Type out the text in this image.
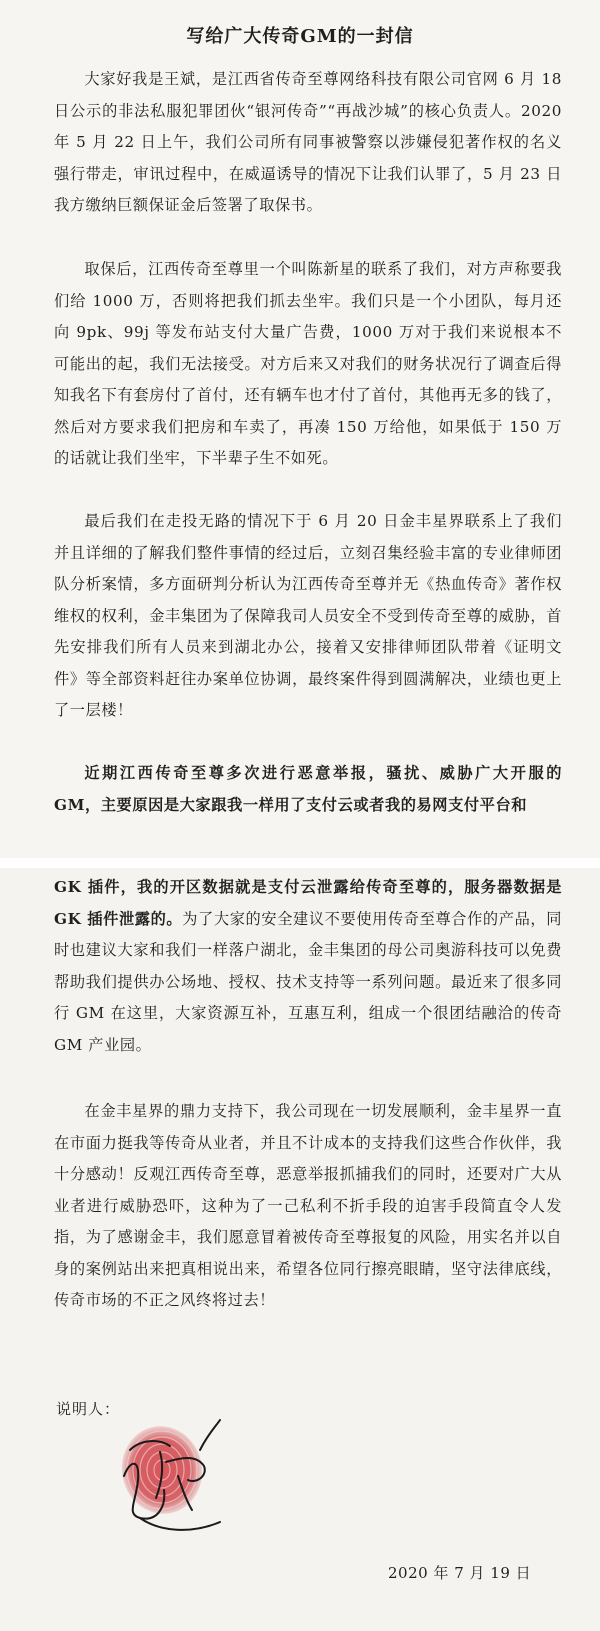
写给广大传奇GM的一封信
大家好我是王斌，是江西省传奇至尊网络科技有限公司官网 6 月 18 日公示的非法私服犯罪团伙“银河传奇”“再战沙城”的核心负责人。2020 年 5 月 22 日上午，我们公司所有同事被警察以涉嫌侵犯著作权的名义强行带走，审讯过程中，在威逼诱导的情况下让我们认罪了，5 月 23 日我方缴纳巨额保证金后签署了取保书。
取保后，江西传奇至尊里一个叫陈新星的联系了我们，对方声称要我们给 1000 万，否则将把我们抓去坐牢。我们只是一个小团队，每月还向 9pk、99j 等发布站支付大量广告费，1000 万对于我们来说根本不可能出的起，我们无法接受。对方后来又对我们的财务状况行了调查后得知我名下有套房付了首付，还有辆车也才付了首付，其他再无多的钱了，然后对方要求我们把房和车卖了，再凑 150 万给他，如果低于 150 万的话就让我们坐牢，下半辈子生不如死。
最后我们在走投无路的情况下于 6 月 20 日金丰星界联系上了我们并且详细的了解我们整件事情的经过后，立刻召集经验丰富的专业律师团队分析案情，多方面研判分析认为江西传奇至尊并无《热血传奇》著作权维权的权利，金丰集团为了保障我司人员安全不受到传奇至尊的威胁，首先安排我们所有人员来到湖北办公，接着又安排律师团队带着《证明文件》等全部资料赶往办案单位协调，最终案件得到圆满解决，业绩也更上了一层楼！
近期江西传奇至尊多次进行恶意举报，骚扰、威胁广大开服的 GM，主要原因是大家跟我一样用了支付云或者我的易网支付平台和
GK 插件，我的开区数据就是支付云泄露给传奇至尊的，服务器数据是 GK 插件泄露的。为了大家的安全建议不要使用传奇至尊合作的产品，同时也建议大家和我们一样落户湖北，金丰集团的母公司奥游科技可以免费帮助我们提供办公场地、授权、技术支持等一系列问题。最近来了很多同行 GM 在这里，大家资源互补，互惠互利，组成一个很团结融洽的传奇 GM 产业园。
在金丰星界的鼎力支持下，我公司现在一切发展顺利，金丰星界一直在市面力挺我等传奇从业者，并且不计成本的支持我们这些合作伙伴，我十分感动！反观江西传奇至尊，恶意举报抓捕我们的同时，还要对广大从业者进行威胁恐吓，这种为了一己私利不折手段的迫害手段简直令人发指，为了感谢金丰，我们愿意冒着被传奇至尊报复的风险，用实名并以自身的案例站出来把真相说出来，希望各位同行擦亮眼睛，坚守法律底线，传奇市场的不正之风终将过去！
说明人：
2020 年 7 月 19 日
